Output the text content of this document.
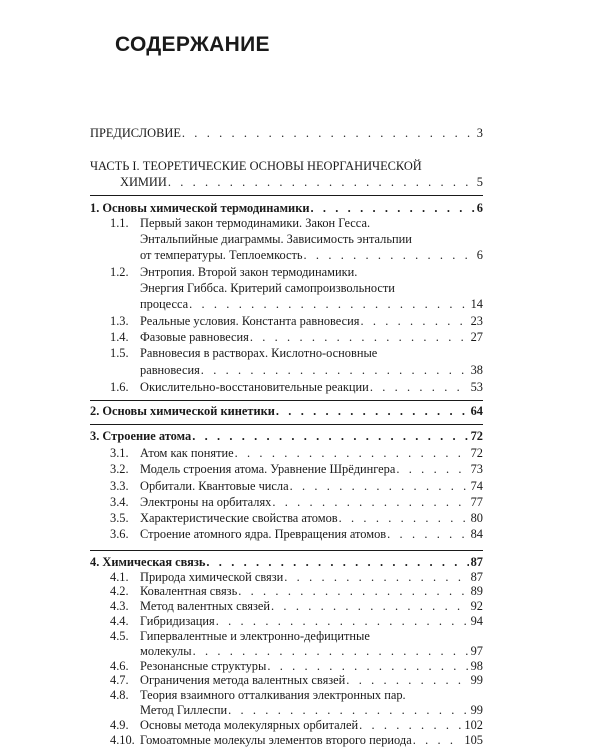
СОДЕРЖАНИЕ
ПРЕДИСЛОВИЕ . . .	3
ЧАСТЬ I. ТЕОРЕТИЧЕСКИЕ ОСНОВЫ НЕОРГАНИЧЕСКОЙ
ХИМИИ . . .	5
1. Основы химической термодинамики . . .	6
1.1. Первый закон термодинамики. Закон Гесса.
Энтальпийные диаграммы. Зависимость энтальпии
от температуры. Теплоемкость . . .	6
1.2. Энтропия. Второй закон термодинамики.
Энергия Гиббса. Критерий самопроизвольности
процесса . . .	14
1.3. Реальные условия. Константа равновесия . . .	23
1.4. Фазовые равновесия . . .	27
1.5. Равновесия в растворах. Кислотно-основные
равновесия . . .	38
1.6. Окислительно-восстановительные реакции . . .	53
2. Основы химической кинетики . . .	64
3. Строение атома . . .	72
3.1. Атом как понятие . . .	72
3.2. Модель строения атома. Уравнение Шрёдингера . . .	73
3.3. Орбитали. Квантовые числа . . .	74
3.4. Электроны на орбиталях . . .	77
3.5. Характеристические свойства атомов . . .	80
3.6. Строение атомного ядра. Превращения атомов . . .	84
4. Химическая связь . . .	87
4.1. Природа химической связи . . .	87
4.2. Ковалентная связь . . .	89
4.3. Метод валентных связей . . .	92
4.4. Гибридизация . . .	94
4.5. Гипервалентные и электронно-дефицитные
молекулы . . .	97
4.6. Резонансные структуры . . .	98
4.7. Ограничения метода валентных связей . . .	99
4.8. Теория взаимного отталкивания электронных пар.
Метод Гиллеспи . . .	99
4.9. Основы метода молекулярных орбиталей . . .	102
4.10. Гомоатомные молекулы элементов второго периода . . .	105
